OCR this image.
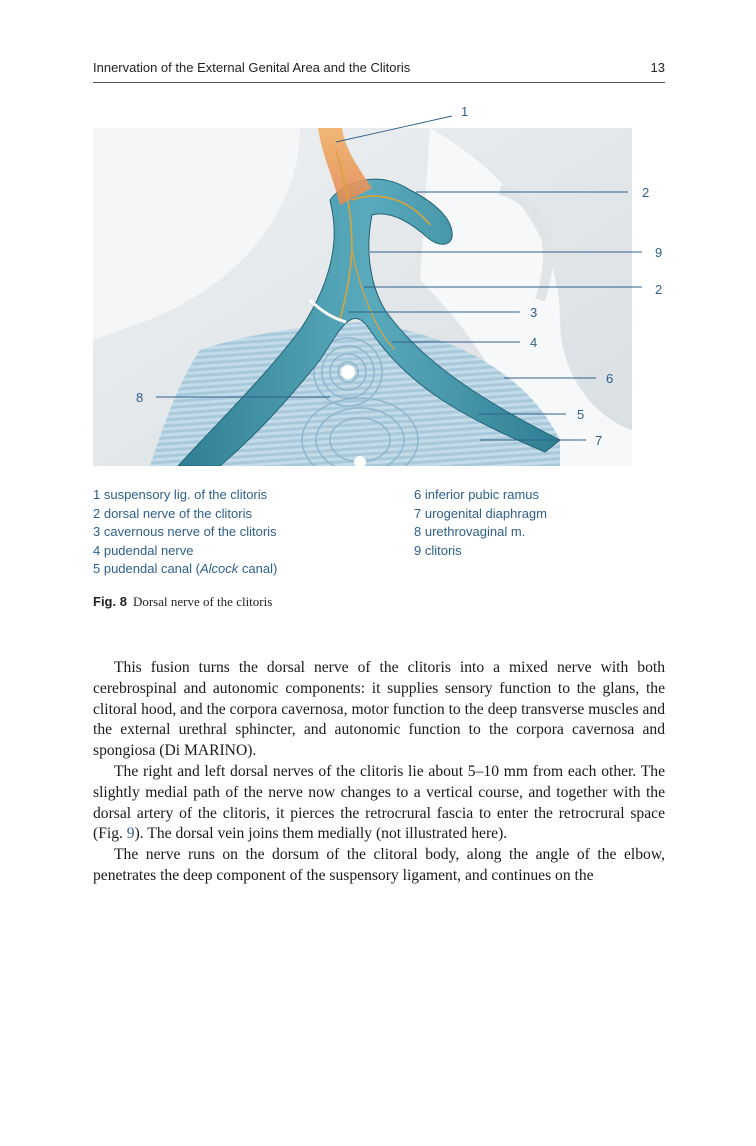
Innervation of the External Genital Area and the Clitoris	13
1
2
9
2
3
4
6
8
5
7
1 suspensory lig. of the clitoris
2 dorsal nerve of the clitoris
3 cavernous nerve of the clitoris
4 pudendal nerve
5 pudendal canal (Alcock canal)
6 inferior pubic ramus
7 urogenital diaphragm
8 urethrovaginal m.
9 clitoris
Fig. 8 Dorsal nerve of the clitoris

This fusion turns the dorsal nerve of the clitoris into a mixed nerve with both cerebrospinal and autonomic components: it supplies sensory function to the glans, the clitoral hood, and the corpora cavernosa, motor function to the deep transverse muscles and the external urethral sphincter, and autonomic function to the corpora cavernosa and spongiosa (Di MARINO).

The right and left dorsal nerves of the clitoris lie about 5–10 mm from each other. The slightly medial path of the nerve now changes to a vertical course, and together with the dorsal artery of the clitoris, it pierces the retrocrural fascia to enter the retrocrural space (Fig. 9). The dorsal vein joins them medially (not illustrated here).

The nerve runs on the dorsum of the clitoral body, along the angle of the elbow, penetrates the deep component of the suspensory ligament, and continues on the
